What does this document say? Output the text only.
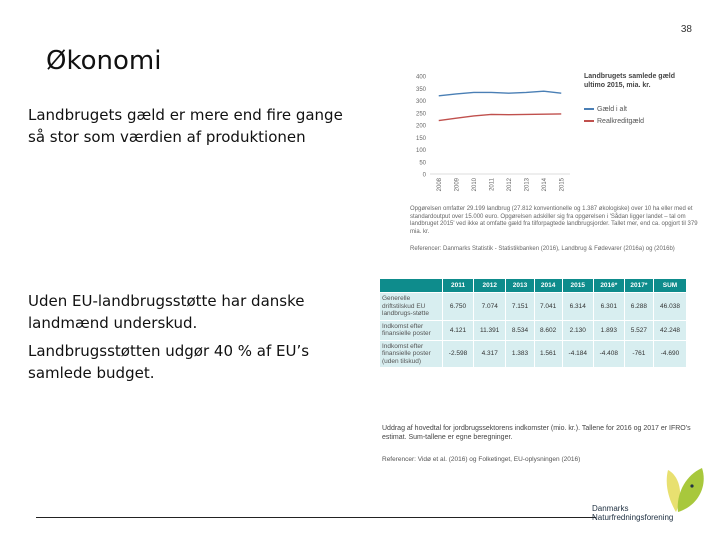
38
Økonomi
Landbrugets gæld er mere end fire gange så stor som værdien af produktionen
Uden EU-landbrugsstøtte har danske landmænd underskud.
Landbrugsstøtten udgør 40 % af EU’s samlede budget.
0
50
100
150
200
250
300
350
400
2008 2009 2010 2011 2012 2013 2014 2015
Landbrugets samlede gæld ultimo 2015, mia. kr.
Gæld i alt
Realkreditgæld
Opgørelsen omfatter 29.199 landbrug (27.812 konventionelle og 1.387 økologiske) over 10 ha eller med et standardoutput over 15.000 euro. Opgørelsen adskiller sig fra opgørelsen i 'Sådan ligger landet – tal om landbruget 2015' ved ikke at omfatte gæld fra tilforpagtede landbrugsjorder. Tallet mer, end ca. opgjort til 379 mia. kr.
Referencer: Danmarks Statistik - Statistikbanken (2016), Landbrug & Fødevarer (2016a) og (2016b)
	2011	2012	2013	2014	2015	2016*	2017*	SUM
Generelle driftstilskud EU landbrugs-støtte	6.750	7.074	7.151	7.041	6.314	6.301	6.288	46.038
Indkomst efter finansielle poster	4.121	11.391	8.534	8.602	2.130	1.893	5.527	42.248
Indkomst efter finansielle poster (uden tilskud)	-2.598	4.317	1.383	1.561	-4.184	-4.408	-761	-4.690
Uddrag af hovedtal for jordbrugssektorens indkomster (mio. kr.). Tallene for 2016 og 2017 er IFRO’s estimat. Sum-tallene er egne beregninger.
Referencer: Vidø et al. (2016) og Folketinget, EU-oplysningen (2016)
Danmarks
Naturfredningsforening
